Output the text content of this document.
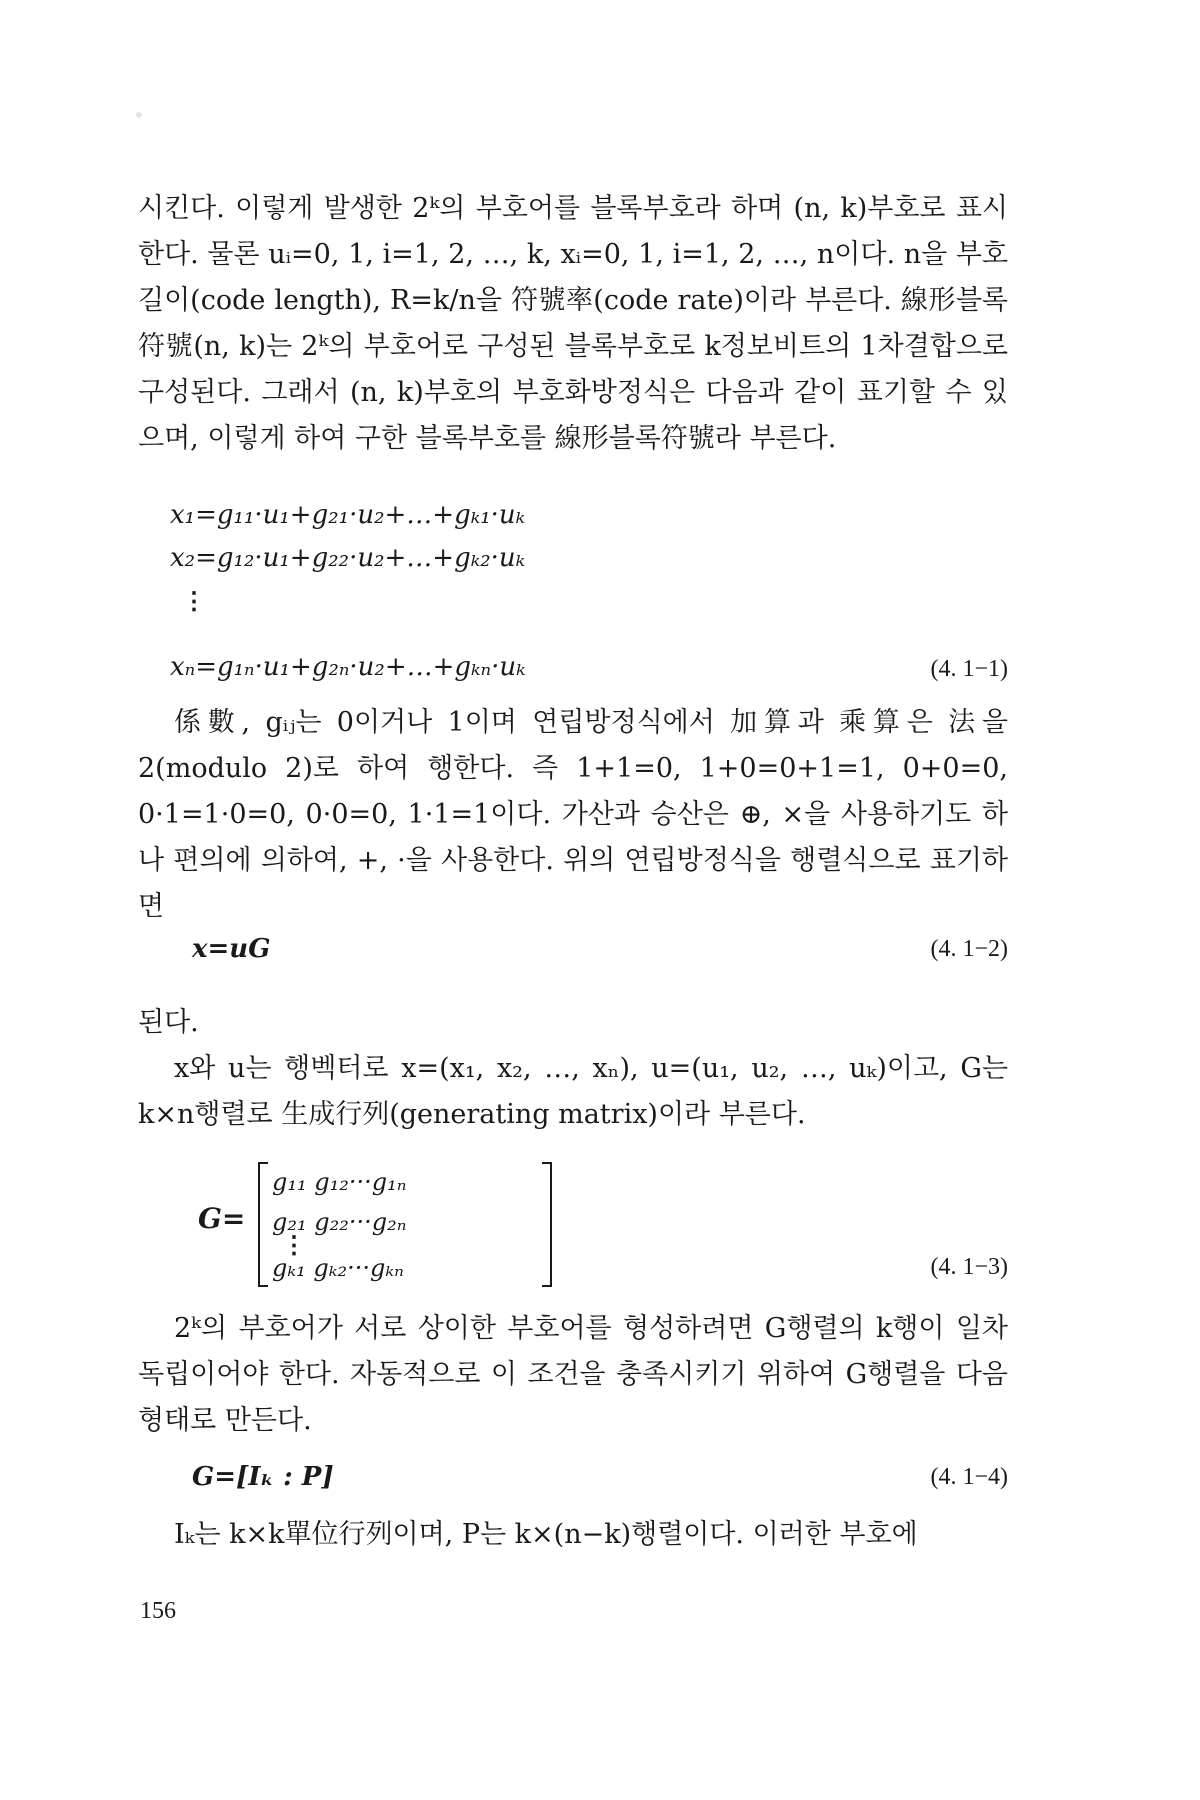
시킨다. 이렇게 발생한 2ᵏ의 부호어를 블록부호라 하며 (n, k)부호로 표시한다. 물론 uᵢ=0, 1, i=1, 2, …, k, xᵢ=0, 1, i=1, 2, …, n이다. n을 부호길이(code length), R=k/n을 符號率(code rate)이라 부른다. 線形블록符號(n, k)는 2ᵏ의 부호어로 구성된 블록부호로 k정보비트의 1차결합으로 구성된다. 그래서 (n, k)부호의 부호화방정식은 다음과 같이 표기할 수 있으며, 이렇게 하여 구한 블록부호를 線形블록符號라 부른다.

x₁=g₁₁·u₁+g₂₁·u₂+…+gₖ₁·uₖ
x₂=g₁₂·u₁+g₂₂·u₂+…+gₖ₂·uₖ
⋮
xₙ=g₁ₙ·u₁+g₂ₙ·u₂+…+gₖₙ·uₖ	(4. 1−1)

係數, gᵢⱼ는 0이거나 1이며 연립방정식에서 加算과 乘算은 法을 2(modulo 2)로 하여 행한다. 즉 1+1=0, 1+0=0+1=1, 0+0=0, 0·1=1·0=0, 0·0=0, 1·1=1이다. 가산과 승산은 ⊕, ×을 사용하기도 하나 편의에 의하여, +, ·을 사용한다. 위의 연립방정식을 행렬식으로 표기하면

x=uG	(4. 1−2)

된다.

x와 u는 행벡터로 x=(x₁, x₂, …, xₙ), u=(u₁, u₂, …, uₖ)이고, G는 k×n행렬로 生成行列(generating matrix)이라 부른다.

G=
g₁₁ g₁₂···g₁ₙ
g₂₁ g₂₂···g₂ₙ
⋮
gₖ₁ gₖ₂···gₖₙ	(4. 1−3)

2ᵏ의 부호어가 서로 상이한 부호어를 형성하려면 G행렬의 k행이 일차독립이어야 한다. 자동적으로 이 조건을 충족시키기 위하여 G행렬을 다음 형태로 만든다.

G=[Iₖ : P]	(4. 1−4)

Iₖ는 k×k單位行列이며, P는 k×(n−k)행렬이다. 이러한 부호에

156
